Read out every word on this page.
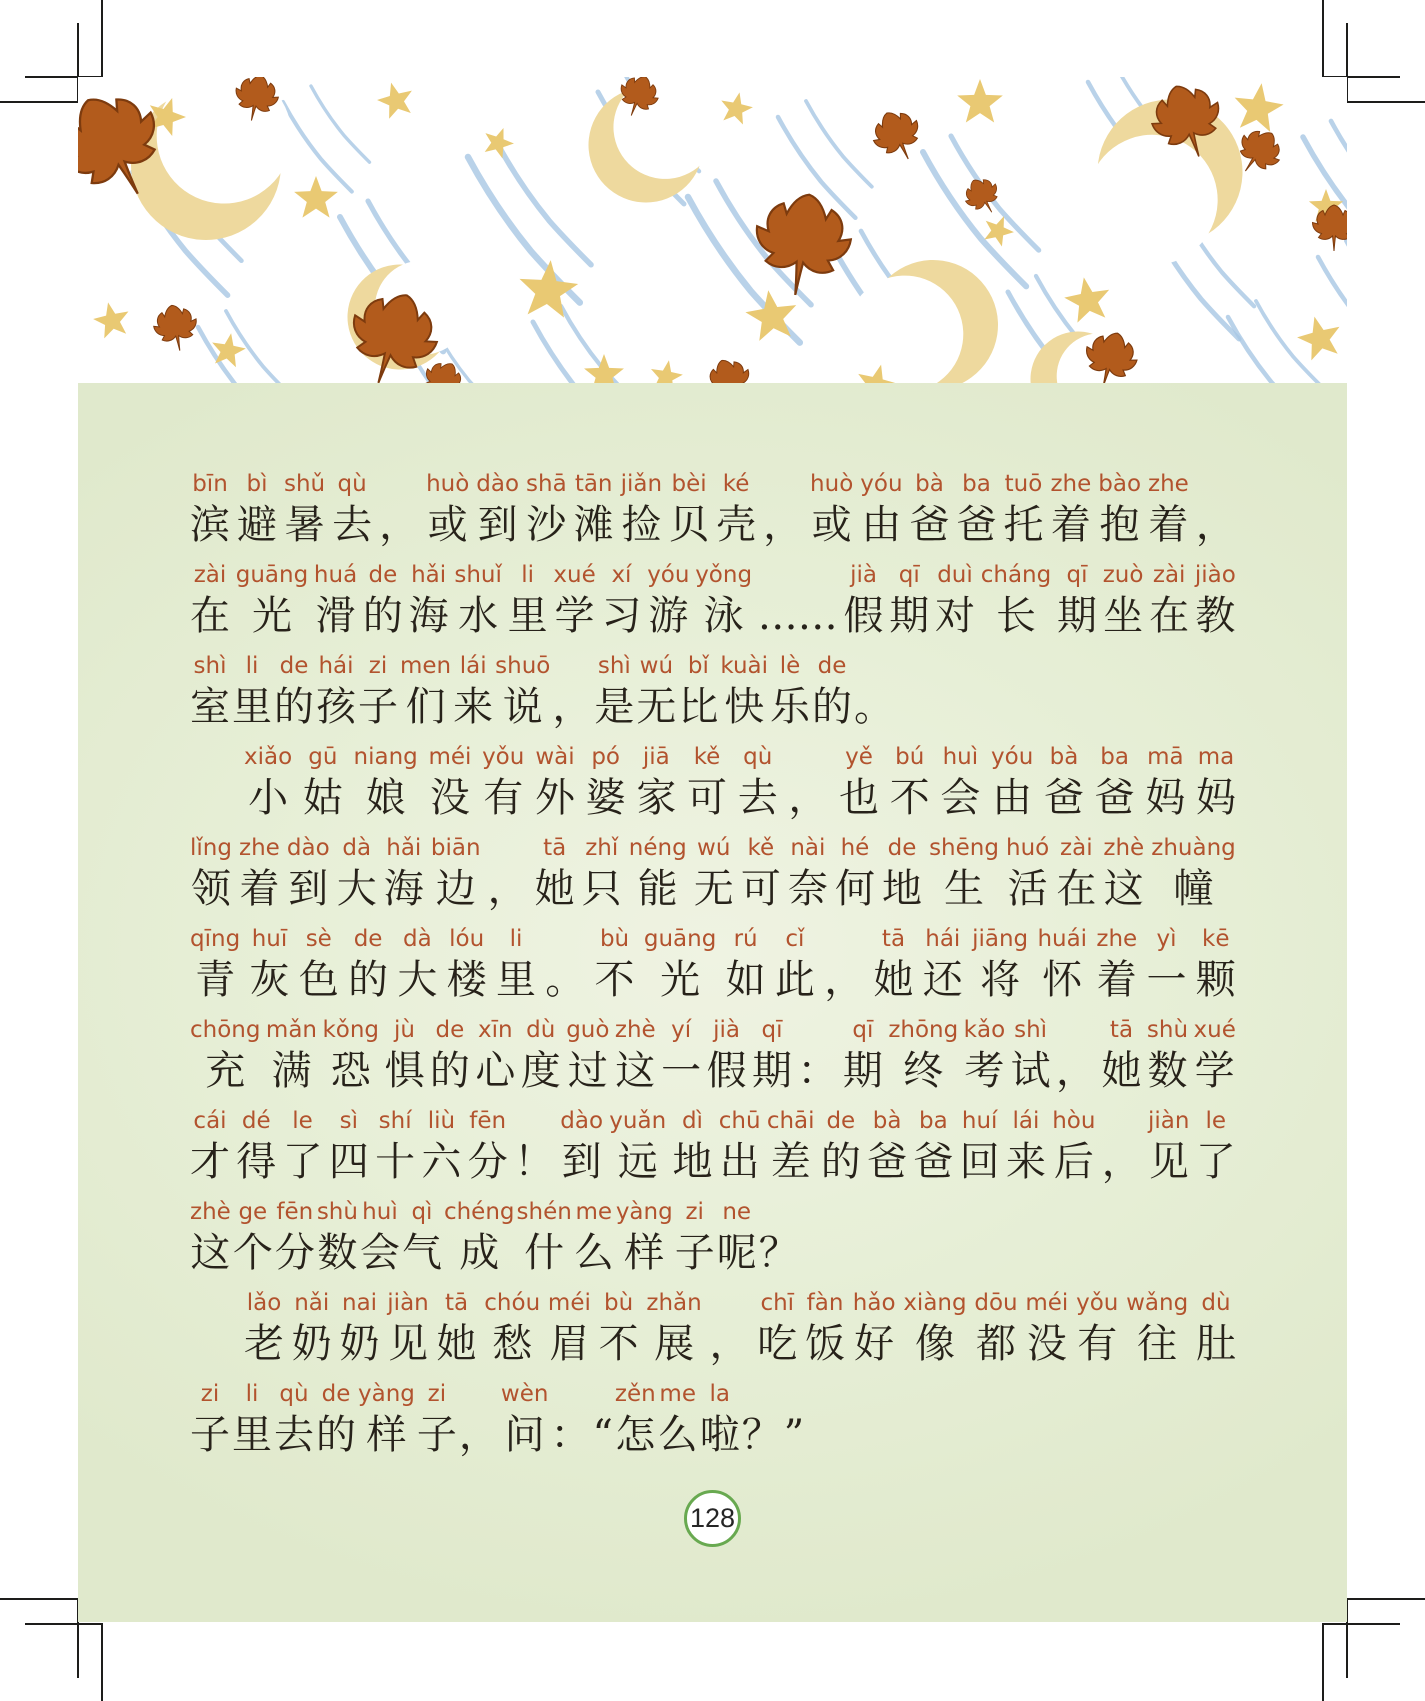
bīn
滨
bì
避
shǔ
暑
qù
去 ，
huò
或
dào
到
shā
沙
tān
滩
jiǎn
捡
bèi
贝
ké
壳 ，
huò
或
yóu
由
bà
爸
ba
爸
tuō
托
zhe
着
bào
抱
zhe
着 ，
zài
在
guāng
光
huá
滑
de
的
hǎi
海
shuǐ
水
li
里
xué
学
xí
习
yóu
游
yǒng
泳 ……
jià
假
qī
期
duì
对
cháng
长
qī
期
zuò
坐
zài
在
jiào
教
shì
室
li
里
de
的
hái
孩
zi
子
men
们
lái
来
shuō
说 ，
shì
是
wú
无
bǐ
比
kuài
快
lè
乐
de
的 。
xiǎo
小
gū
姑
niang
娘
méi
没
yǒu
有
wài
外
pó
婆
jiā
家
kě
可
qù
去 ，
yě
也
bú
不
huì
会
yóu
由
bà
爸
ba
爸
mā
妈
ma
妈
lǐng
领
zhe
着
dào
到
dà
大
hǎi
海
biān
边 ，
tā
她
zhǐ
只
néng
能
wú
无
kě
可
nài
奈
hé
何
de
地
shēng
生
huó
活
zài
在
zhè
这
zhuàng
幢
qīng
青
huī
灰
sè
色
de
的
dà
大
lóu
楼
li
里 。
bù
不
guāng
光
rú
如
cǐ
此 ，
tā
她
hái
还
jiāng
将
huái
怀
zhe
着
yì
一
kē
颗
chōng
充
mǎn
满
kǒng
恐
jù
惧
de
的
xīn
心
dù
度
guò
过
zhè
这
yí
一
jià
假
qī
期 ：
qī
期
zhōng
终
kǎo
考
shì
试 ，
tā
她
shù
数
xué
学
cái
才
dé
得
le
了
sì
四
shí
十
liù
六
fēn
分 ！
dào
到
yuǎn
远
dì
地
chū
出
chāi
差
de
的
bà
爸
ba
爸
huí
回
lái
来
hòu
后 ，
jiàn
见
le
了
zhè
这
ge
个
fēn
分
shù
数
huì
会
qì
气
chéng
成
shén
什
me
么
yàng
样
zi
子
ne
呢 ？
lǎo
老
nǎi
奶
nai
奶
jiàn
见
tā
她
chóu
愁
méi
眉
bù
不
zhǎn
展 ，
chī
吃
fàn
饭
hǎo
好
xiàng
像
dōu
都
méi
没
yǒu
有
wǎng
往
dù
肚
zi
子
li
里
qù
去
de
的
yàng
样
zi
子 ，
wèn
问 ： “
zěn
怎
me
么
la
啦 ？ ”
128
